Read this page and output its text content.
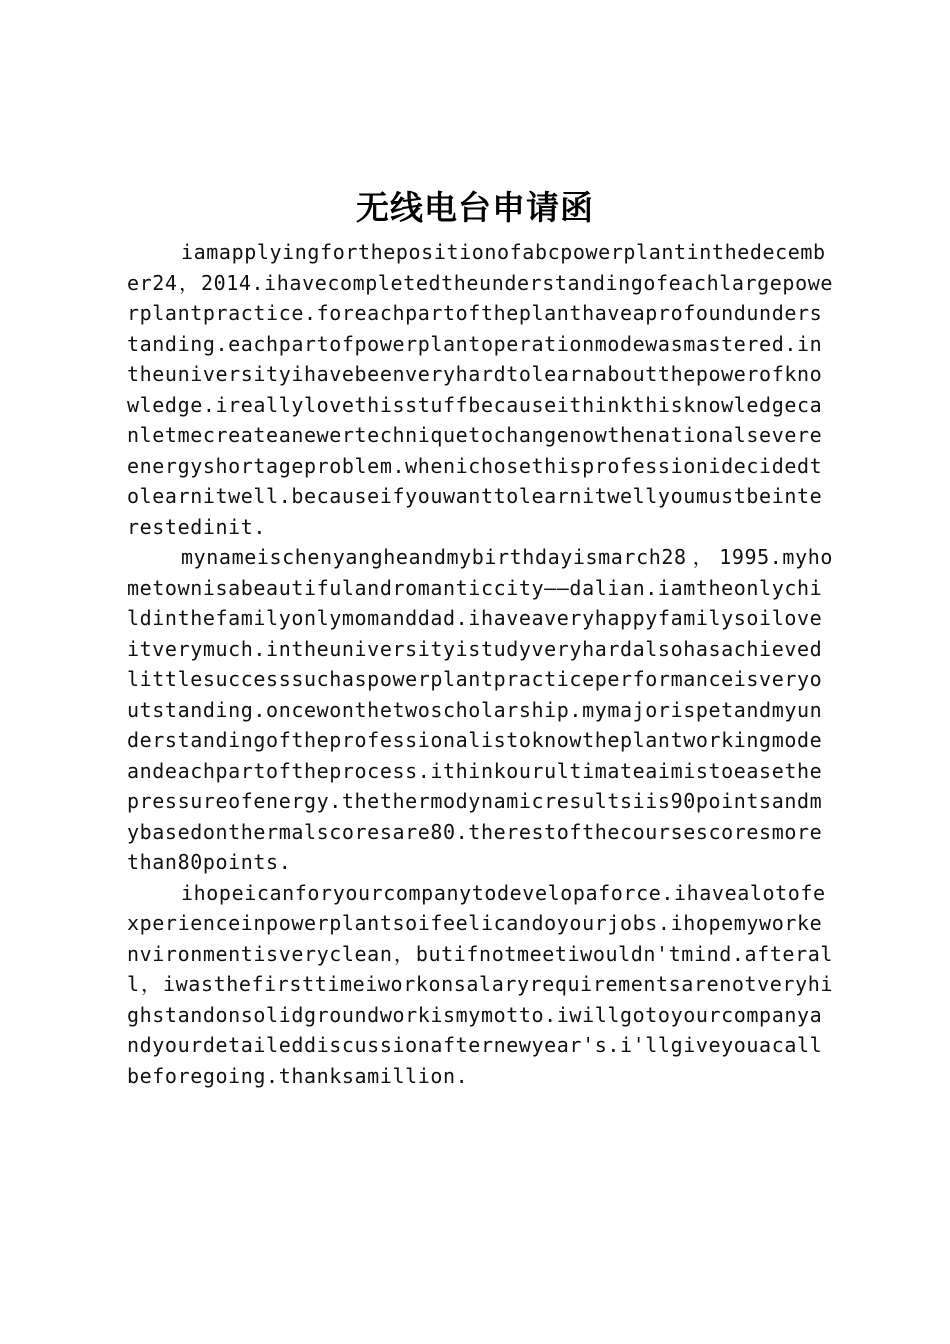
无线电台申请函

iamapplyingforthepositionofabcpowerplantinthedecember24，2014.ihavecompletedtheunderstandingofeachlargepowerplantpractice.foreachpartoftheplanthaveaprofoundunderstanding.eachpartofpowerplantoperationmodewasmastered.intheuniversityihavebeenveryhardtolearnaboutthepowerofknowledge.ireallylovethisstuffbecauseithinkthisknowledgecanletmecreateanewertechniquetochangenowthenationalsevereenergyshortageproblem.whenichosethisprofessionidecidedtolearnitwell.becauseifyouwanttolearnitwellyoumustbeinterestedinit.

mynameischenyangheandmybirthdayismarch28，1995.myhometownisabeautifulandromanticcity——dalian.iamtheonlychildinthefamilyonlymomanddad.ihaveaveryhappyfamilysoiloveitverymuch.intheuniversityistudyveryhardalsohasachievedlittlesuccesssuchaspowerplantpracticeperformanceisveryoutstanding.oncewonthetwoscholarship.mymajorispetandmyunderstandingoftheprofessionalistoknowtheplantworkingmodeandeachpartoftheprocess.ithinkourultimateaimistoeasethepressureofenergy.thethermodynamicresultsiis90pointsandmybasedonthermalscoresare80.therestofthecoursescoresmorethan80points.

ihopeicanforyourcompanytodevelopaforce.ihavealotofexperienceinpowerplantsoifeelicandoyourjobs.ihopemyworkenvironmentisveryclean，butifnotmeetiwouldn'tmind.afterall，iwasthefirsttimeiworkonsalaryrequirementsarenotveryhighstandonsolidgroundworkismymotto.iwillgotoyourcompanyandyourdetaileddiscussionafternewyear's.i'llgiveyouacallbeforegoing.thanksamillion.
